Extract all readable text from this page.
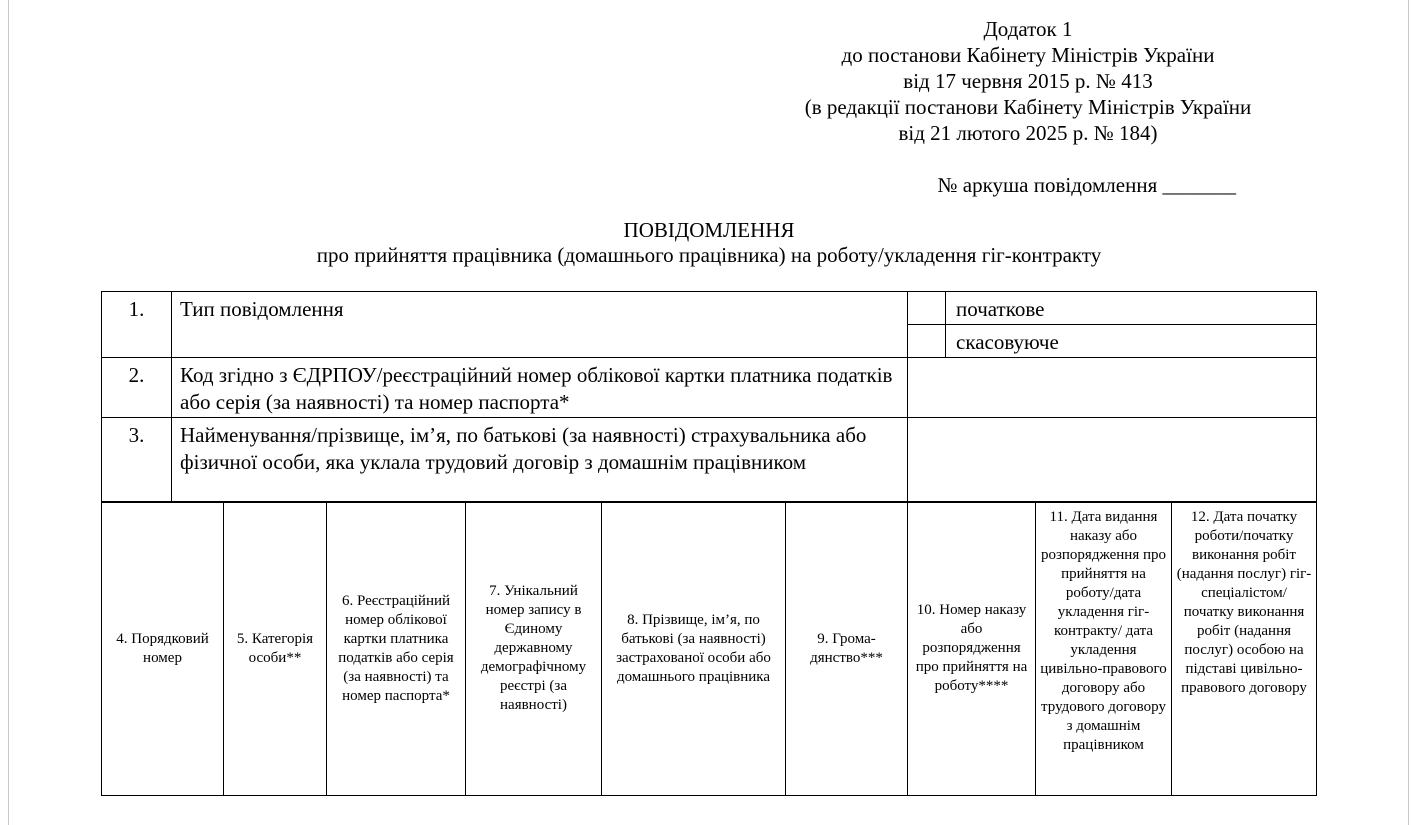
Додаток 1
до постанови Кабінету Міністрів України
від 17 червня 2015 р. № 413
(в редакції постанови Кабінету Міністрів України
від 21 лютого 2025 р. № 184)
№ аркуша повідомлення _______
ПОВІДОМЛЕННЯ
про прийняття працівника (домашнього працівника) на роботу/укладення гіг-контракту
1.	Тип повідомлення		початкове
			скасовуюче
2.	Код згідно з ЄДРПОУ/реєстраційний номер облікової картки платника податків або серія (за наявності) та номер паспорта*		
3.	Найменування/прізвище, ім’я, по батькові (за наявності) страхувальника або фізичної особи, яка уклала трудовий договір з домашнім працівником		
4. Порядковий номер	5. Категорія особи**	6. Реєстраційний номер облікової картки платника податків або серія (за наявності) та номер паспорта*	7. Унікальний номер запису в Єдиному державному демографічному реєстрі (за наявності)	8. Прізвище, ім’я, по батькові (за наявності) застрахованої особи або домашнього працівника	9. Грома-дянство***	10. Номер наказу або розпорядження про прийняття на роботу****	11. Дата видання наказу або розпорядження про прийняття на роботу/дата укладення гіг-контракту/ дата укладення цивільно-правового договору або трудового договору з домашнім працівником	12. Дата початку роботи/початку виконання робіт (надання послуг) гіг-спеціалістом/ початку виконання робіт (надання послуг) особою на підставі цивільно-правового договору
